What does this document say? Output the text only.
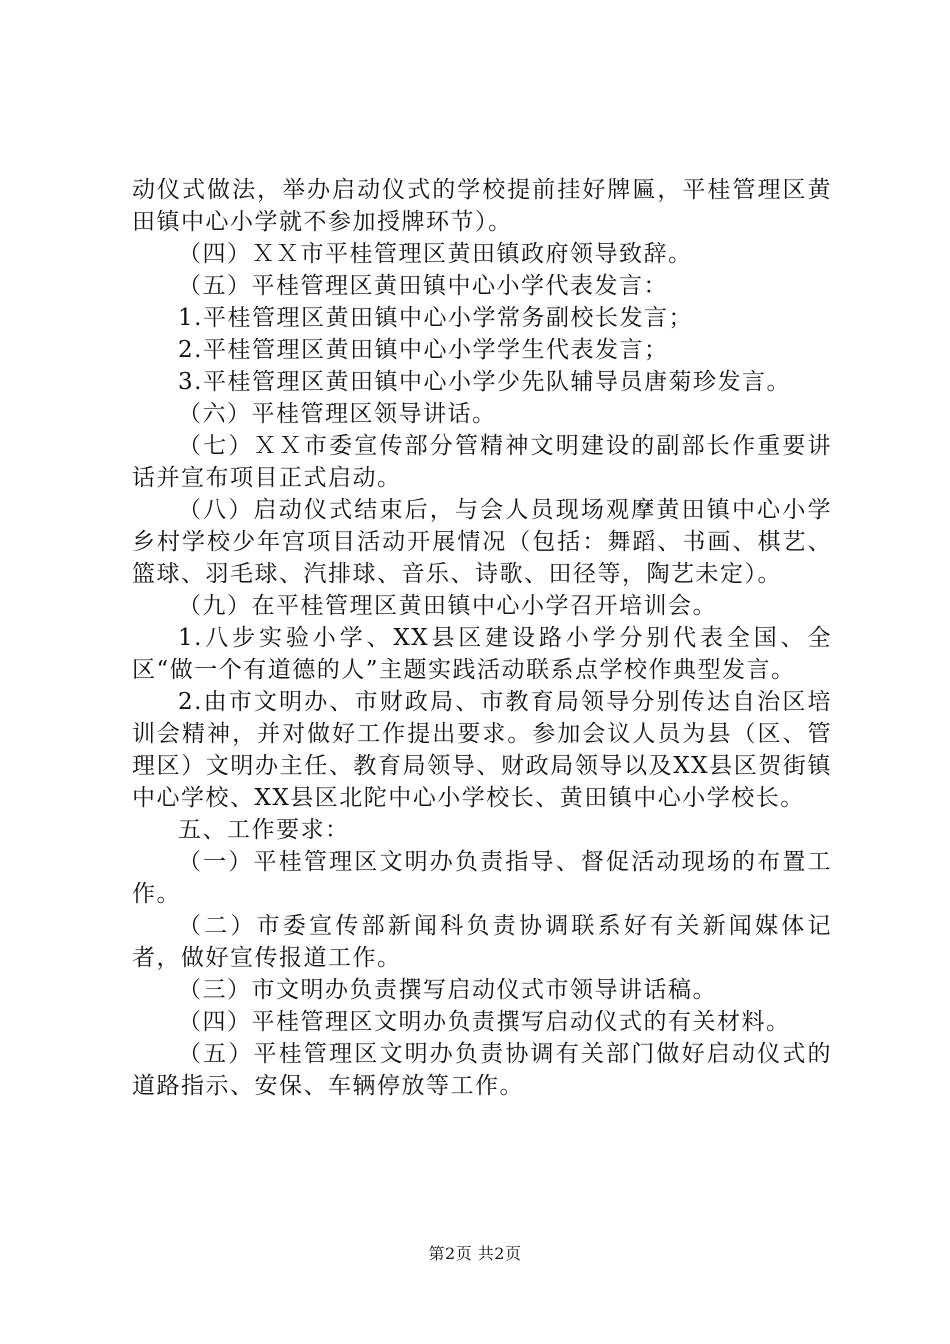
动仪式做法，举办启动仪式的学校提前挂好牌匾，平桂管理区黄田镇中心小学就不参加授牌环节）。

（四）ＸＸ市平桂管理区黄田镇政府领导致辞。

（五）平桂管理区黄田镇中心小学代表发言：

1.平桂管理区黄田镇中心小学常务副校长发言；

2.平桂管理区黄田镇中心小学学生代表发言；

3.平桂管理区黄田镇中心小学少先队辅导员唐菊珍发言。

（六）平桂管理区领导讲话。

（七）ＸＸ市委宣传部分管精神文明建设的副部长作重要讲话并宣布项目正式启动。

（八）启动仪式结束后，与会人员现场观摩黄田镇中心小学乡村学校少年宫项目活动开展情况（包括：舞蹈、书画、棋艺、篮球、羽毛球、汽排球、音乐、诗歌、田径等，陶艺未定）。

（九）在平桂管理区黄田镇中心小学召开培训会。

1.八步实验小学、XX县区建设路小学分别代表全国、全区“做一个有道德的人”主题实践活动联系点学校作典型发言。

2.由市文明办、市财政局、市教育局领导分别传达自治区培训会精神，并对做好工作提出要求。参加会议人员为县（区、管理区）文明办主任、教育局领导、财政局领导以及XX县区贺街镇中心学校、XX县区北陀中心小学校长、黄田镇中心小学校长。

五、工作要求：

（一）平桂管理区文明办负责指导、督促活动现场的布置工作。

（二）市委宣传部新闻科负责协调联系好有关新闻媒体记者，做好宣传报道工作。

（三）市文明办负责撰写启动仪式市领导讲话稿。

（四）平桂管理区文明办负责撰写启动仪式的有关材料。

（五）平桂管理区文明办负责协调有关部门做好启动仪式的道路指示、安保、车辆停放等工作。

第2页 共2页
